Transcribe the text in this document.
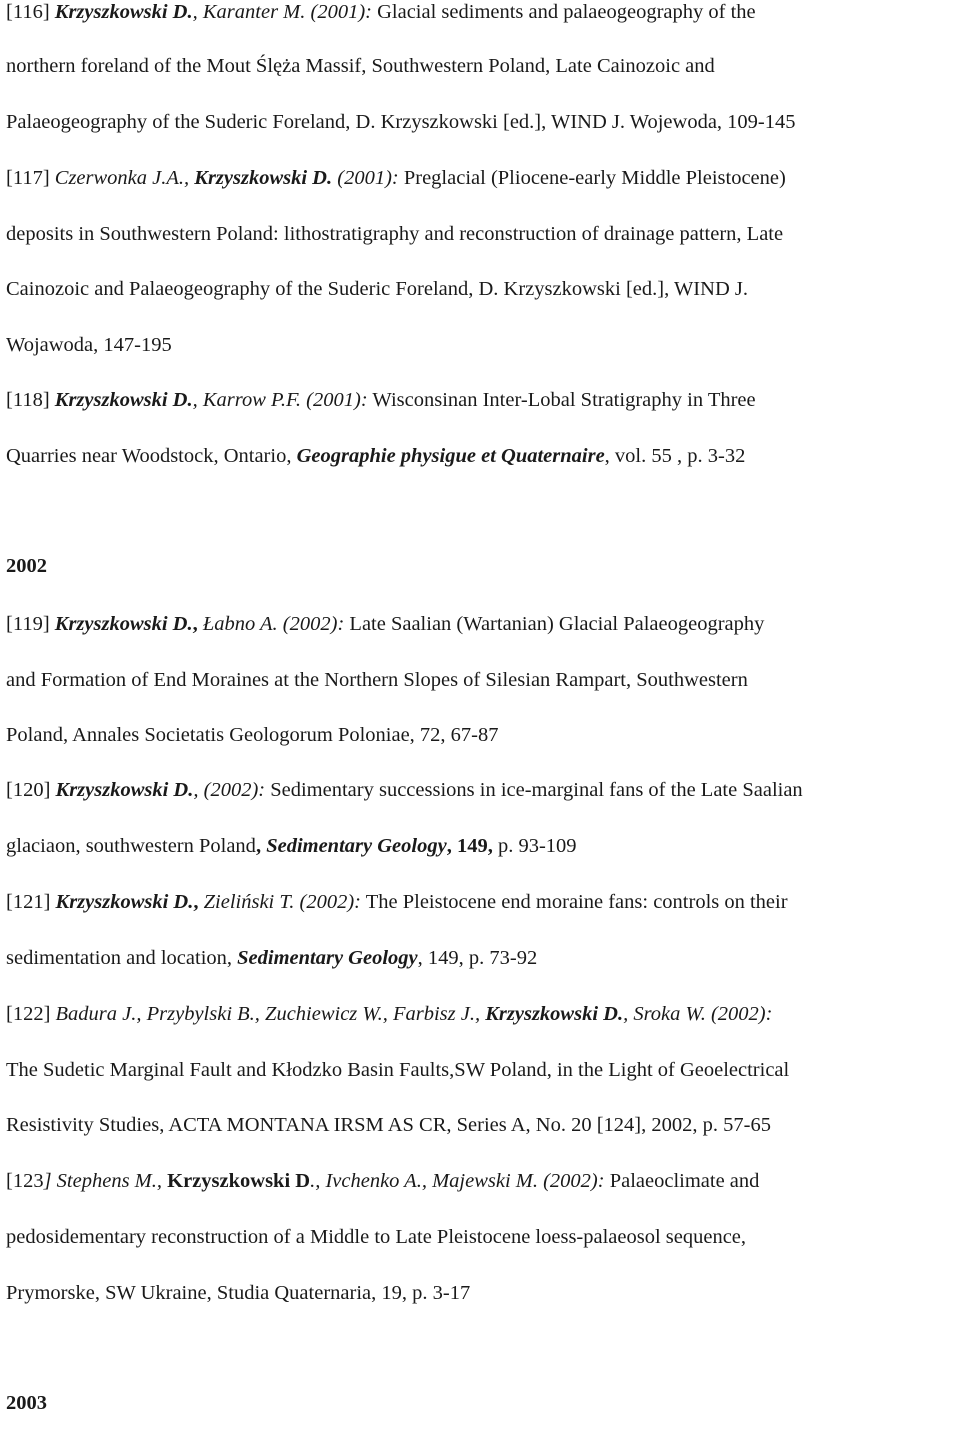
[116] Krzyszkowski D., Karanter M. (2001): Glacial sediments and palaeogeography of the

northern foreland of the Mout Ślęża Massif, Southwestern Poland, Late Cainozoic and

Palaeogeography of the Suderic Foreland, D. Krzyszkowski [ed.], WIND J. Wojewoda, 109-145

[117] Czerwonka J.A., Krzyszkowski D. (2001): Preglacial (Pliocene-early Middle Pleistocene)

deposits in Southwestern Poland: lithostratigraphy and reconstruction of drainage pattern, Late

Cainozoic and Palaeogeography of the Suderic Foreland, D. Krzyszkowski [ed.], WIND J.

Wojawoda, 147-195

[118] Krzyszkowski D., Karrow P.F. (2001): Wisconsinan Inter-Lobal Stratigraphy in Three

Quarries near Woodstock, Ontario, Geographie physigue et Quaternaire, vol. 55 , p. 3-32

2002

[119] Krzyszkowski D., Łabno A. (2002): Late Saalian (Wartanian) Glacial Palaeogeography

and Formation of End Moraines at the Northern Slopes of Silesian Rampart, Southwestern

Poland, Annales Societatis Geologorum Poloniae, 72, 67-87

[120] Krzyszkowski D., (2002): Sedimentary successions in ice-marginal fans of the Late Saalian

glaciaon, southwestern Poland, Sedimentary Geology, 149, p. 93-109

[121] Krzyszkowski D., Zieliński T. (2002): The Pleistocene end moraine fans: controls on their

sedimentation and location, Sedimentary Geology, 149, p. 73-92

[122] Badura J., Przybylski B., Zuchiewicz W., Farbisz J., Krzyszkowski D., Sroka W. (2002):

The Sudetic Marginal Fault and Kłodzko Basin Faults,SW Poland, in the Light of Geoelectrical

Resistivity Studies, ACTA MONTANA IRSM AS CR, Series A, No. 20 [124], 2002, p. 57-65

[123] Stephens M., Krzyszkowski D., Ivchenko A., Majewski M. (2002): Palaeoclimate and

pedosidementary reconstruction of a Middle to Late Pleistocene loess-palaeosol sequence,

Prymorske, SW Ukraine, Studia Quaternaria, 19, p. 3-17

2003
